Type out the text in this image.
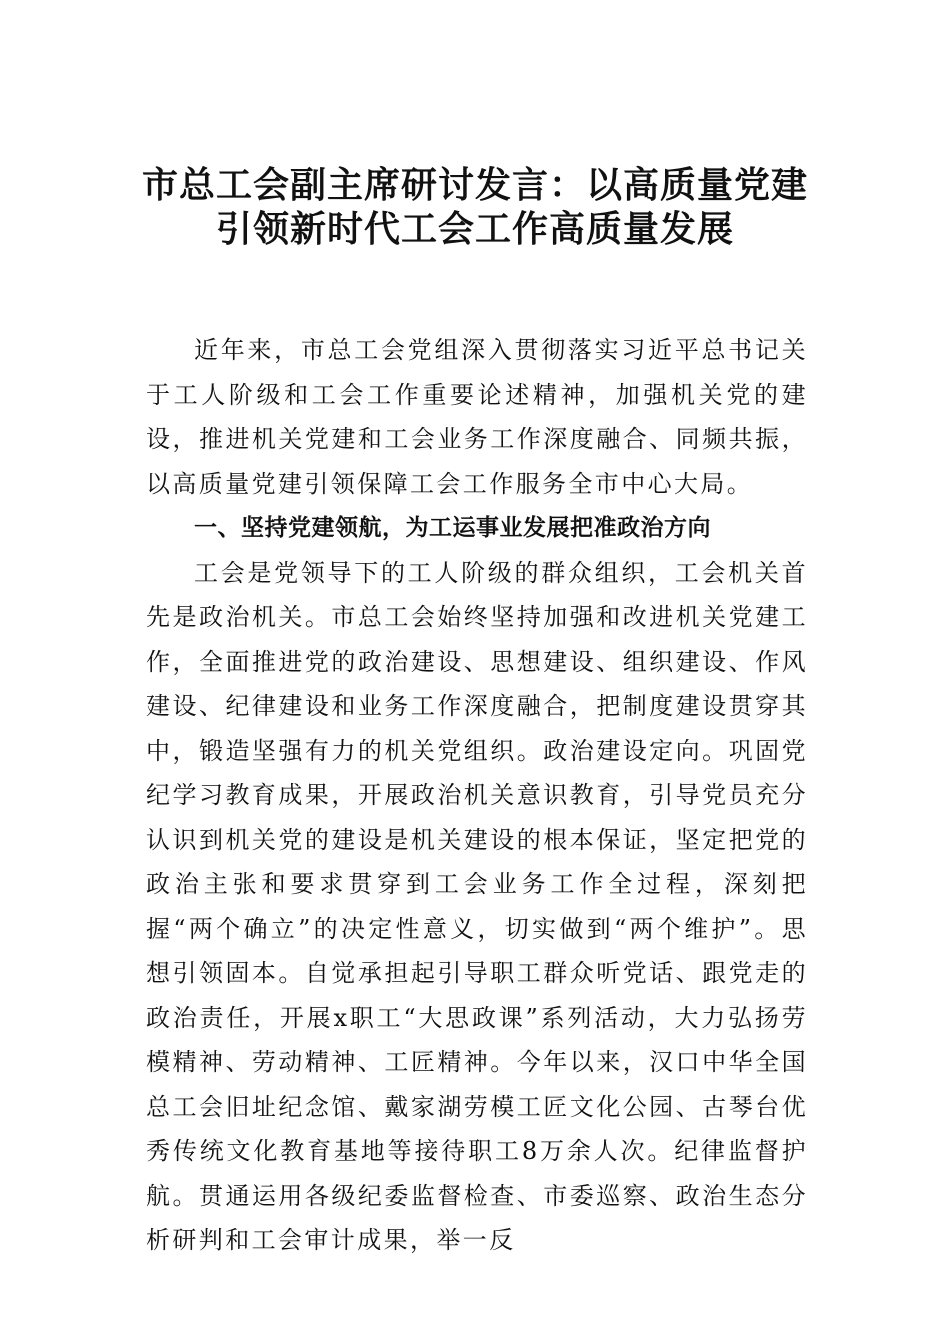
市总工会副主席研讨发言：以高质量党建
引领新时代工会工作高质量发展

近年来，市总工会党组深入贯彻落实习近平总书记关于工人阶级和工会工作重要论述精神，加强机关党的建设，推进机关党建和工会业务工作深度融合、同频共振，以高质量党建引领保障工会工作服务全市中心大局。

一、坚持党建领航，为工运事业发展把准政治方向

工会是党领导下的工人阶级的群众组织，工会机关首先是政治机关。市总工会始终坚持加强和改进机关党建工作，全面推进党的政治建设、思想建设、组织建设、作风建设、纪律建设和业务工作深度融合，把制度建设贯穿其中，锻造坚强有力的机关党组织。政治建设定向。巩固党纪学习教育成果，开展政治机关意识教育，引导党员充分认识到机关党的建设是机关建设的根本保证，坚定把党的政治主张和要求贯穿到工会业务工作全过程，深刻把握“两个确立”的决定性意义，切实做到“两个维护”。思想引领固本。自觉承担起引导职工群众听党话、跟党走的政治责任，开展x职工“大思政课”系列活动，大力弘扬劳模精神、劳动精神、工匠精神。今年以来，汉口中华全国总工会旧址纪念馆、戴家湖劳模工匠文化公园、古琴台优秀传统文化教育基地等接待职工8万余人次。纪律监督护航。贯通运用各级纪委监督检查、市委巡察、政治生态分析研判和工会审计成果，举一反
